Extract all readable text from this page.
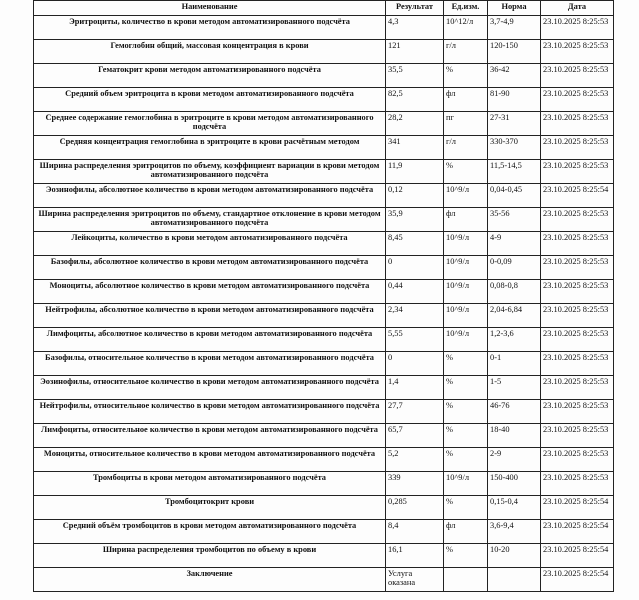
Наименование	Результат	Ед.изм.	Норма	Дата
Эритроциты, количество в крови методом автоматизированного подсчёта	4,3	10^12/л	3,7-4,9	23.10.2025 8:25:53
Гемоглобин общий, массовая концентрация в крови	121	г/л	120-150	23.10.2025 8:25:53
Гематокрит крови методом автоматизированного подсчёта	35,5	%	36-42	23.10.2025 8:25:53
Средний объем эритроцита в крови методом автоматизированного подсчёта	82,5	фл	81-90	23.10.2025 8:25:53
Среднее содержание гемоглобина в эритроците в крови методом автоматизированного подсчёта	28,2	пг	27-31	23.10.2025 8:25:53
Средняя концентрация гемоглобина в эритроците в крови расчётным методом	341	г/л	330-370	23.10.2025 8:25:53
Ширина распределения эритроцитов по объему, коэффициент вариации в крови методом автоматизированного подсчёта	11,9	%	11,5-14,5	23.10.2025 8:25:53
Эозинофилы, абсолютное количество в крови методом автоматизированного подсчёта	0,12	10^9/л	0,04-0,45	23.10.2025 8:25:54
Ширина распределения эритроцитов по объему, стандартное отклонение в крови методом автоматизированного подсчёта	35,9	фл	35-56	23.10.2025 8:25:53
Лейкоциты, количество в крови методом автоматизированного подсчёта	8,45	10^9/л	4-9	23.10.2025 8:25:53
Базофилы, абсолютное количество в крови методом автоматизированного подсчёта	0	10^9/л	0-0,09	23.10.2025 8:25:53
Моноциты, абсолютное количество в крови методом автоматизированного подсчёта	0,44	10^9/л	0,08-0,8	23.10.2025 8:25:53
Нейтрофилы, абсолютное количество в крови методом автоматизированного подсчёта	2,34	10^9/л	2,04-6,84	23.10.2025 8:25:53
Лимфоциты, абсолютное количество в крови методом автоматизированного подсчёта	5,55	10^9/л	1,2-3,6	23.10.2025 8:25:53
Базофилы, относительное количество в крови методом автоматизированного подсчёта	0	%	0-1	23.10.2025 8:25:53
Эозинофилы, относительное количество в крови методом автоматизированного подсчёта	1,4	%	1-5	23.10.2025 8:25:53
Нейтрофилы, относительное количество в крови методом автоматизированного подсчёта	27,7	%	46-76	23.10.2025 8:25:53
Лимфоциты, относительное количество в крови методом автоматизированного подсчёта	65,7	%	18-40	23.10.2025 8:25:53
Моноциты, относительное количество в крови методом автоматизированного подсчёта	5,2	%	2-9	23.10.2025 8:25:53
Тромбоциты в крови методом автоматизированного подсчёта	339	10^9/л	150-400	23.10.2025 8:25:53
Тромбоцитокрит крови	0,285	%	0,15-0,4	23.10.2025 8:25:54
Средний объём тромбоцитов в крови методом автоматизированного подсчёта	8,4	фл	3,6-9,4	23.10.2025 8:25:54
Ширина распределения тромбоцитов по объему в крови	16,1	%	10-20	23.10.2025 8:25:54
Заключение	Услуга оказана			23.10.2025 8:25:54
